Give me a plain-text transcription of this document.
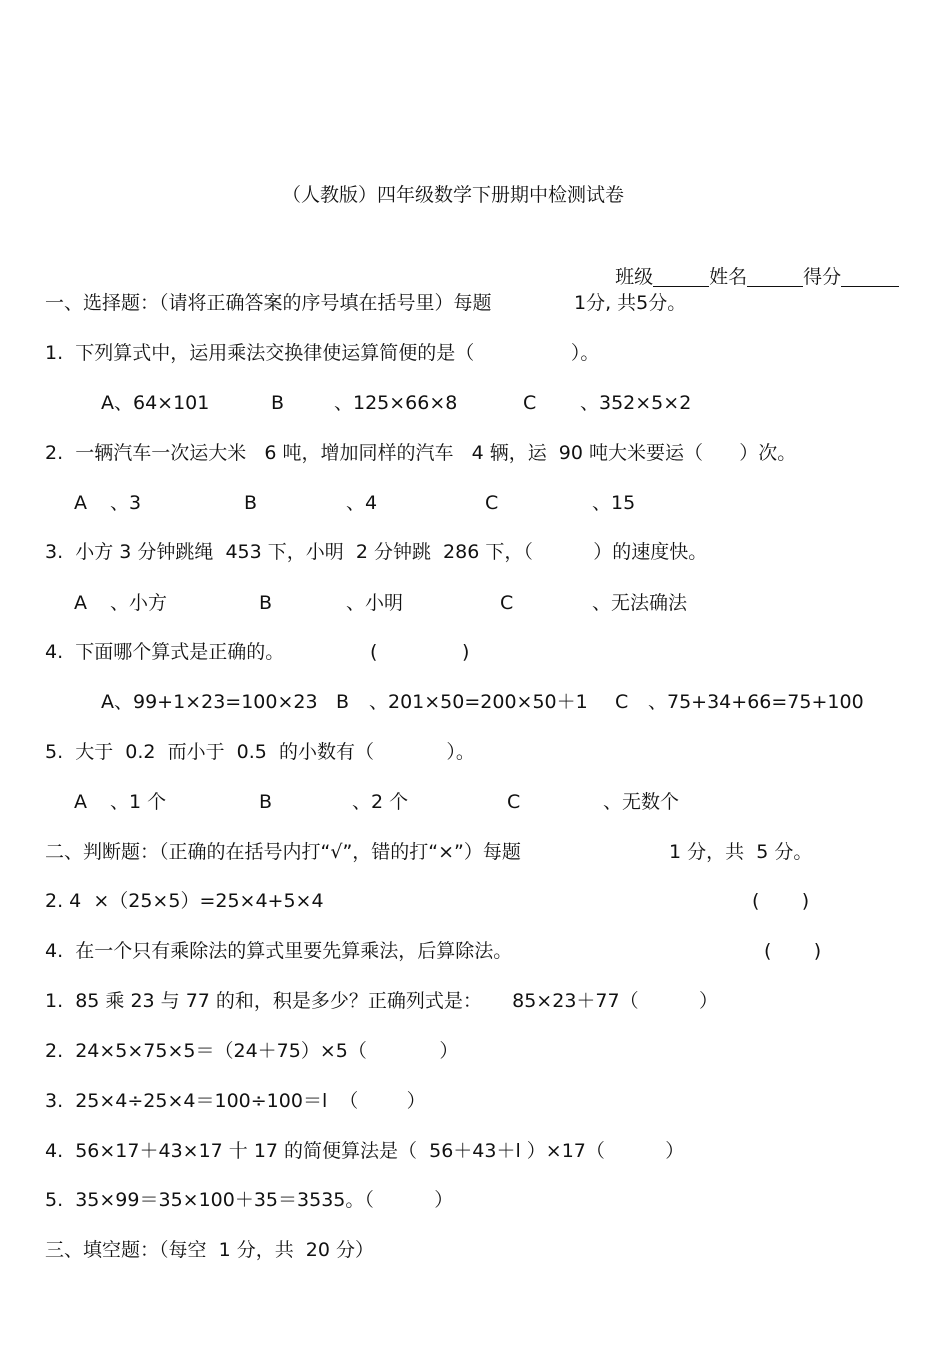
（人教版）四年级数学下册期中检测试卷

班级	姓名	得分

一、选择题：（请将正确答案的序号填在括号里）每题	1分, 共5分。
1.  下列算式中，运用乘法交换律使运算简便的是（                ）。
A、64×101	B	、125×66×8	C 、352×5×2
2.  一辆汽车一次运大米   6 吨，增加同样的汽车   4 辆，运  90 吨大米要运（      ）次。
A 、3	B	、4	C	、15
3.  小方 3 分钟跳绳  453 下，小明  2 分钟跳  286 下，（          ）的速度快。
A 、小方	B	、小明	C	、无法确法
4.  下面哪个算式是正确的。	(              )
A、99+1×23=100×23 B 、201×50=200×50＋1 C 、75+34+66=75+100
5.  大于  0.2  而小于  0.5  的小数有（            ）。
A 、1 个	B	、2 个	C	、无数个
二、判断题：（正确的在括号内打“√”，错的打“×”）每题	1 分，共  5 分。
2. 4  ×（25×5）=25×4+5×4	(       )
4.  在一个只有乘除法的算式里要先算乘法，后算除法。	(       )
1.  85 乘 23 与 77 的和，积是多少？正确列式是：     85×23＋77（          ）
2.  24×5×75×5＝（24＋75）×5（            ）
3.  25×4÷25×4＝100÷100＝l  （        ）
4.  56×17＋43×17 十 17 的简便算法是（  56＋43＋l ）×17（          ）
5.  35×99＝35×100＋35＝3535。（          ）
三、填空题：（每空  1 分，共  20 分）
